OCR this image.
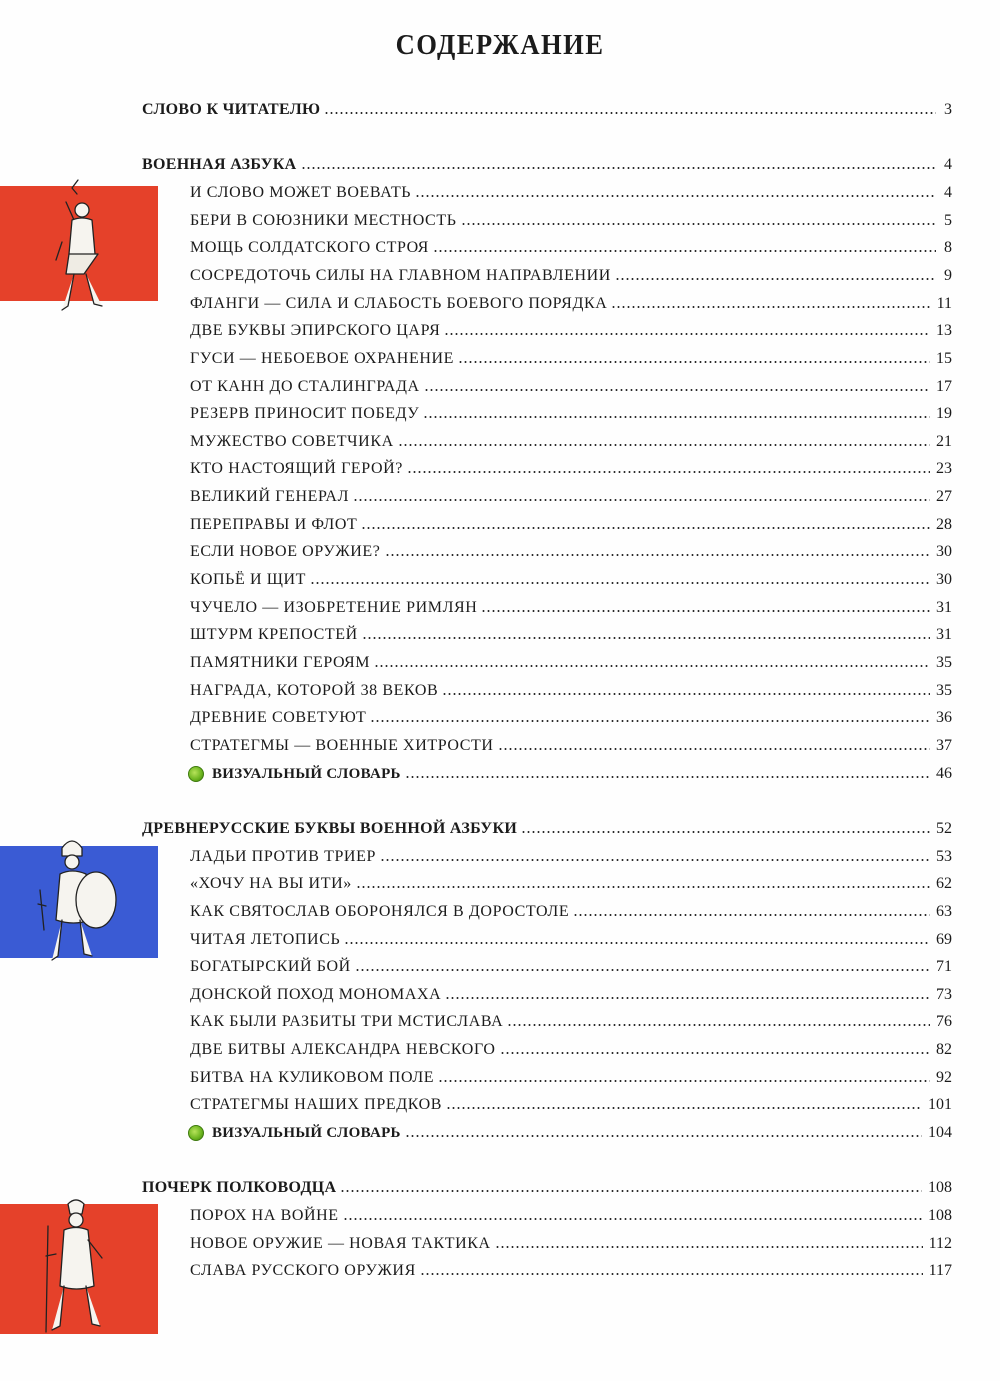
СОДЕРЖАНИЕ
СЛОВО К ЧИТАТЕЛЮ	3
ВОЕННАЯ АЗБУКА	4
И СЛОВО МОЖЕТ ВОЕВАТЬ	4
БЕРИ В СОЮЗНИКИ МЕСТНОСТЬ	5
МОЩЬ СОЛДАТСКОГО СТРОЯ	8
СОСРЕДОТОЧЬ СИЛЫ НА ГЛАВНОМ НАПРАВЛЕНИИ	9
ФЛАНГИ — СИЛА И СЛАБОСТЬ БОЕВОГО ПОРЯДКА	11
ДВЕ БУКВЫ ЭПИРСКОГО ЦАРЯ	13
ГУСИ — НЕБОЕВОЕ ОХРАНЕНИЕ	15
ОТ КАНН ДО СТАЛИНГРАДА	17
РЕЗЕРВ ПРИНОСИТ ПОБЕДУ	19
МУЖЕСТВО СОВЕТЧИКА	21
КТО НАСТОЯЩИЙ ГЕРОЙ?	23
ВЕЛИКИЙ ГЕНЕРАЛ	27
ПЕРЕПРАВЫ И ФЛОТ	28
ЕСЛИ НОВОЕ ОРУЖИЕ?	30
КОПЬЁ И ЩИТ	30
ЧУЧЕЛО — ИЗОБРЕТЕНИЕ РИМЛЯН	31
ШТУРМ КРЕПОСТЕЙ	31
ПАМЯТНИКИ ГЕРОЯМ	35
НАГРАДА, КОТОРОЙ 38 ВЕКОВ	35
ДРЕВНИЕ СОВЕТУЮТ	36
СТРАТЕГМЫ — ВОЕННЫЕ ХИТРОСТИ	37
ВИЗУАЛЬНЫЙ СЛОВАРЬ	46
ДРЕВНЕРУССКИЕ БУКВЫ ВОЕННОЙ АЗБУКИ	52
ЛАДЬИ ПРОТИВ ТРИЕР	53
«ХОЧУ НА ВЫ ИТИ»	62
КАК СВЯТОСЛАВ ОБОРОНЯЛСЯ В ДОРОСТОЛЕ	63
ЧИТАЯ ЛЕТОПИСЬ	69
БОГАТЫРСКИЙ БОЙ	71
ДОНСКОЙ ПОХОД МОНОМАХА	73
КАК БЫЛИ РАЗБИТЫ ТРИ МСТИСЛАВА	76
ДВЕ БИТВЫ АЛЕКСАНДРА НЕВСКОГО	82
БИТВА НА КУЛИКОВОМ ПОЛЕ	92
СТРАТЕГМЫ НАШИХ ПРЕДКОВ	101
ВИЗУАЛЬНЫЙ СЛОВАРЬ	104
ПОЧЕРК ПОЛКОВОДЦА	108
ПОРОХ НА ВОЙНЕ	108
НОВОЕ ОРУЖИЕ — НОВАЯ ТАКТИКА	112
СЛАВА РУССКОГО ОРУЖИЯ	117
